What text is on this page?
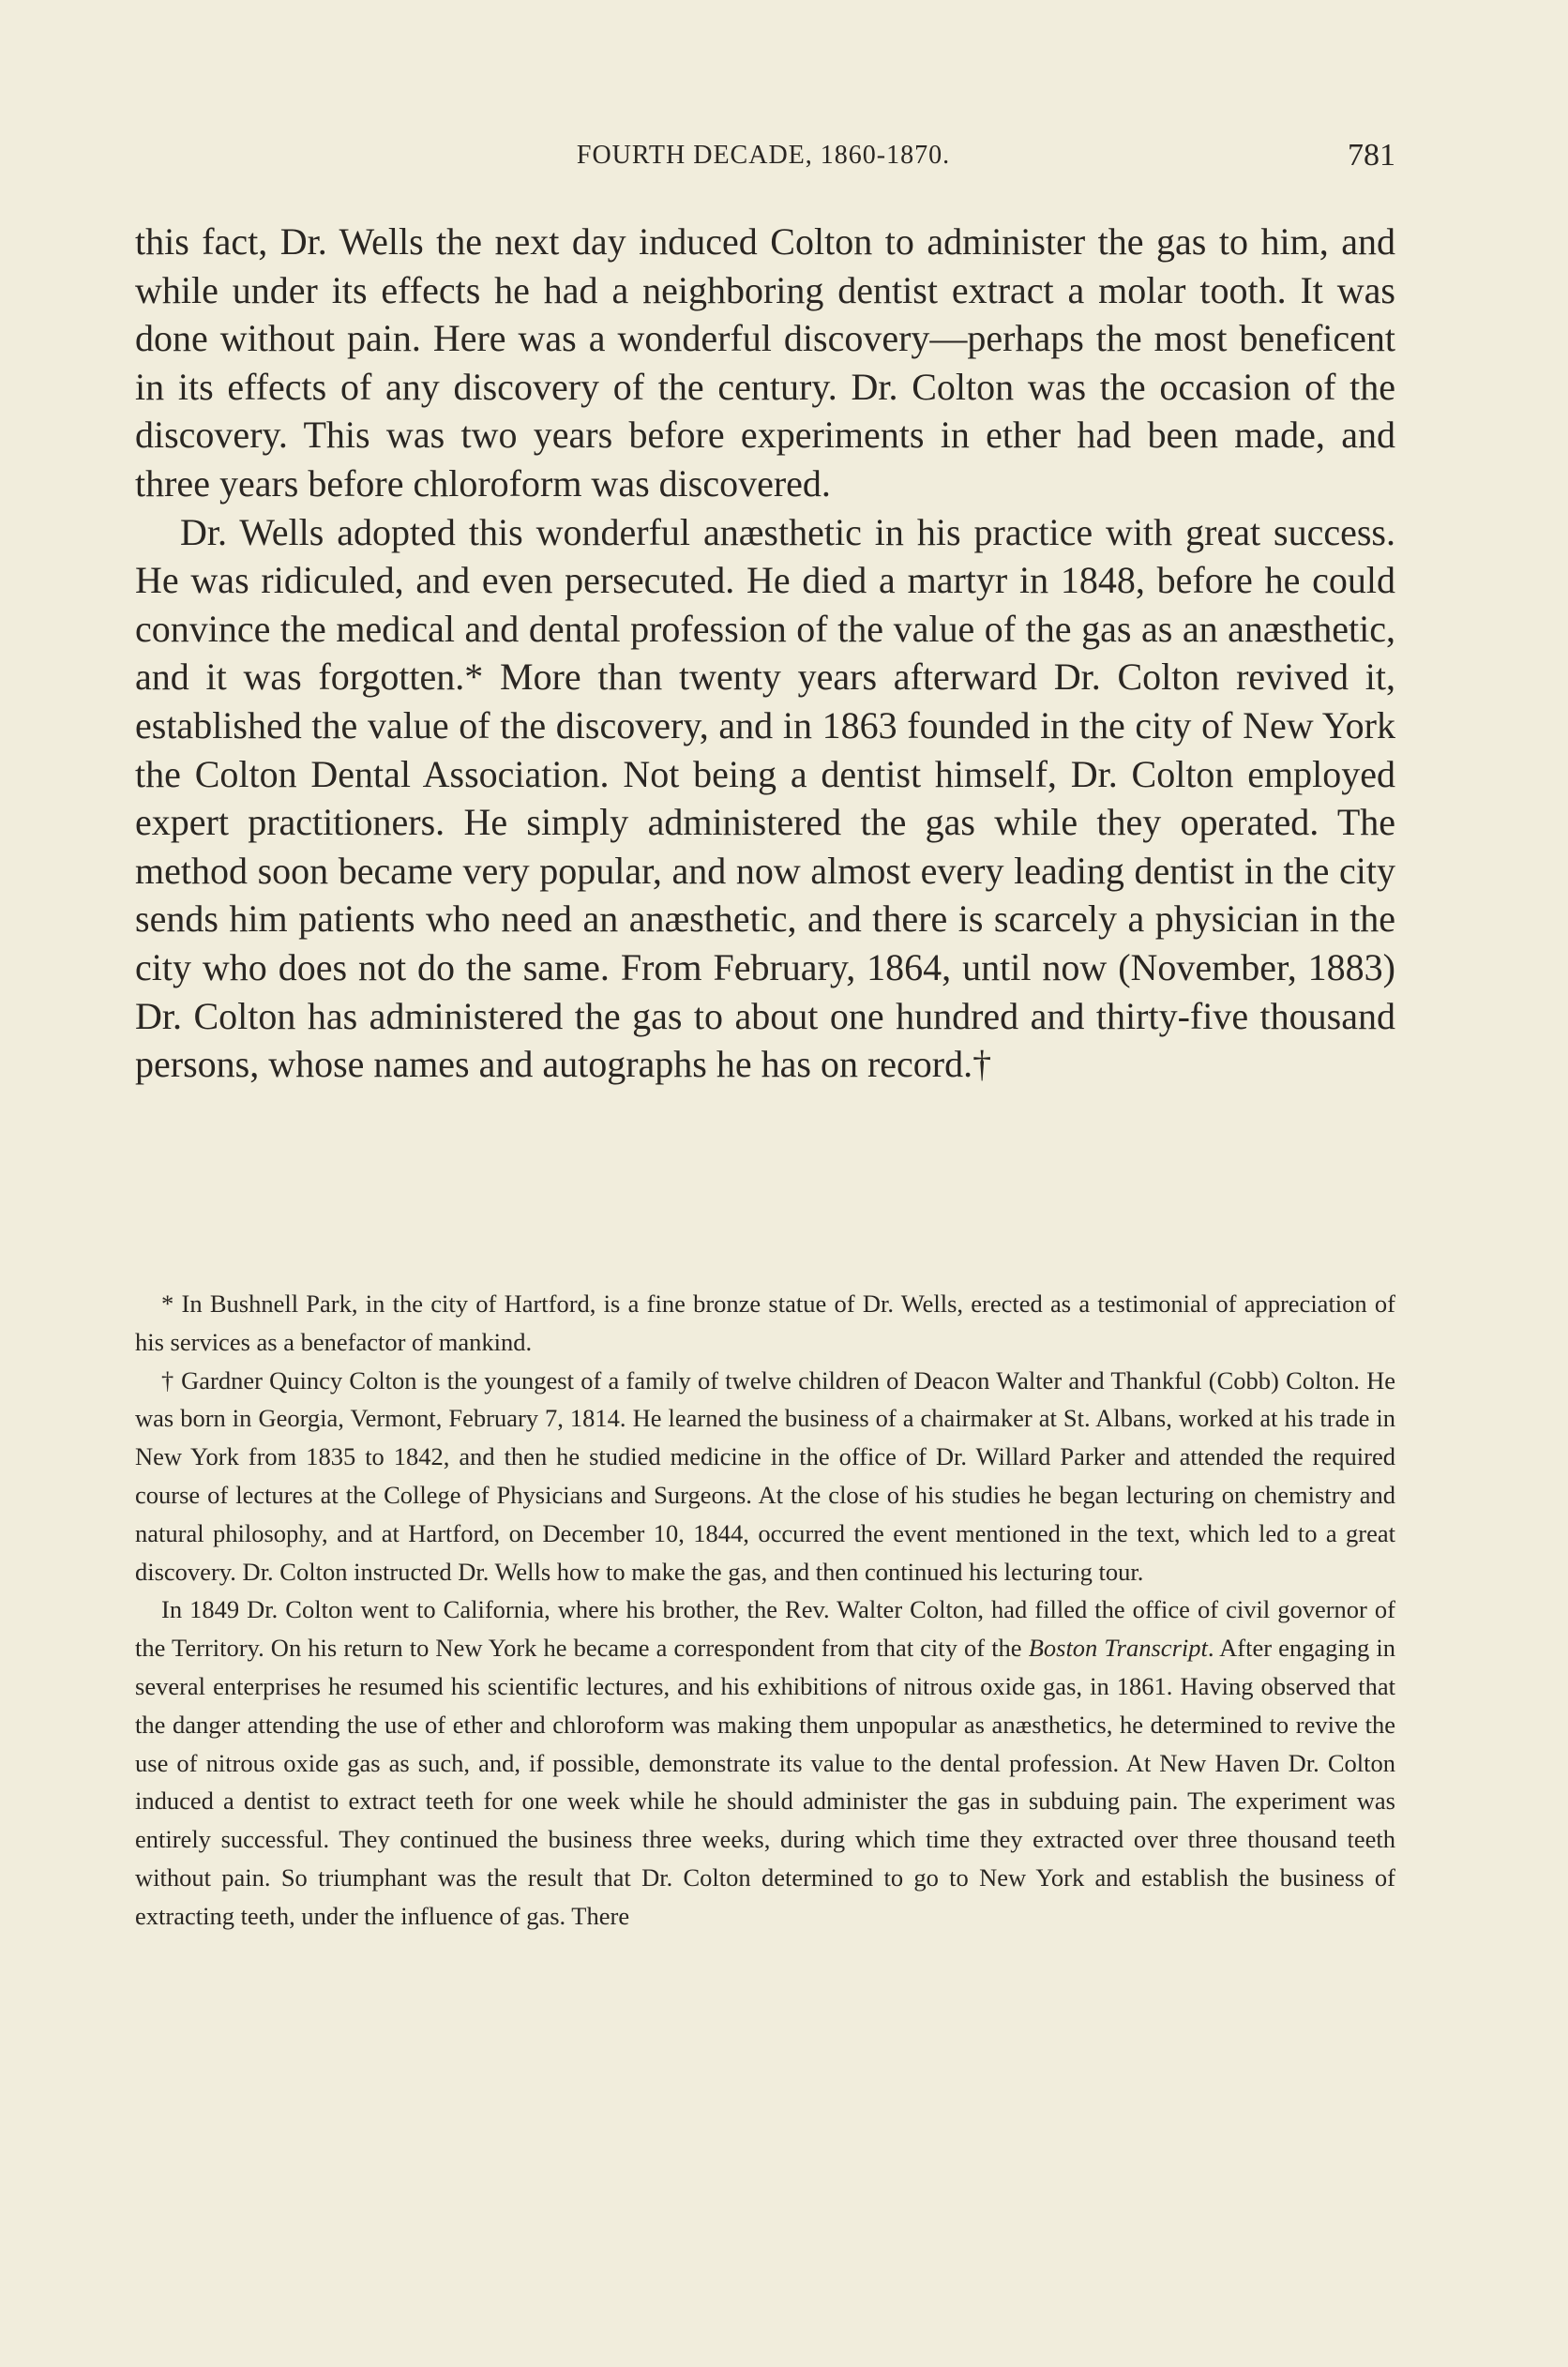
FOURTH DECADE, 1860-1870.	781

this fact, Dr. Wells the next day induced Colton to administer the gas to him, and while under its effects he had a neighboring dentist extract a molar tooth. It was done without pain. Here was a wonderful discovery—perhaps the most beneficent in its effects of any discovery of the century. Dr. Colton was the occasion of the discovery. This was two years before experiments in ether had been made, and three years before chloroform was discovered.

Dr. Wells adopted this wonderful anæsthetic in his practice with great success. He was ridiculed, and even persecuted. He died a martyr in 1848, before he could convince the medical and dental profession of the value of the gas as an anæsthetic, and it was forgotten.* More than twenty years afterward Dr. Colton revived it, established the value of the discovery, and in 1863 founded in the city of New York the Colton Dental Association. Not being a dentist himself, Dr. Colton employed expert practitioners. He simply administered the gas while they operated. The method soon became very popular, and now almost every leading dentist in the city sends him patients who need an anæsthetic, and there is scarcely a physician in the city who does not do the same. From February, 1864, until now (November, 1883) Dr. Colton has administered the gas to about one hundred and thirty-five thousand persons, whose names and autographs he has on record.†

* In Bushnell Park, in the city of Hartford, is a fine bronze statue of Dr. Wells, erected as a testimonial of appreciation of his services as a benefactor of mankind.

† Gardner Quincy Colton is the youngest of a family of twelve children of Deacon Walter and Thankful (Cobb) Colton. He was born in Georgia, Vermont, February 7, 1814. He learned the business of a chairmaker at St. Albans, worked at his trade in New York from 1835 to 1842, and then he studied medicine in the office of Dr. Willard Parker and attended the required course of lectures at the College of Physicians and Surgeons. At the close of his studies he began lecturing on chemistry and natural philosophy, and at Hartford, on December 10, 1844, occurred the event mentioned in the text, which led to a great discovery. Dr. Colton instructed Dr. Wells how to make the gas, and then continued his lecturing tour.

In 1849 Dr. Colton went to California, where his brother, the Rev. Walter Colton, had filled the office of civil governor of the Territory. On his return to New York he became a correspondent from that city of the Boston Transcript. After engaging in several enterprises he resumed his scientific lectures, and his exhibitions of nitrous oxide gas, in 1861. Having observed that the danger attending the use of ether and chloroform was making them unpopular as anæsthetics, he determined to revive the use of nitrous oxide gas as such, and, if possible, demonstrate its value to the dental profession. At New Haven Dr. Colton induced a dentist to extract teeth for one week while he should administer the gas in subduing pain. The experiment was entirely successful. They continued the business three weeks, during which time they extracted over three thousand teeth without pain. So triumphant was the result that Dr. Colton determined to go to New York and establish the business of extracting teeth, under the influence of gas. There
